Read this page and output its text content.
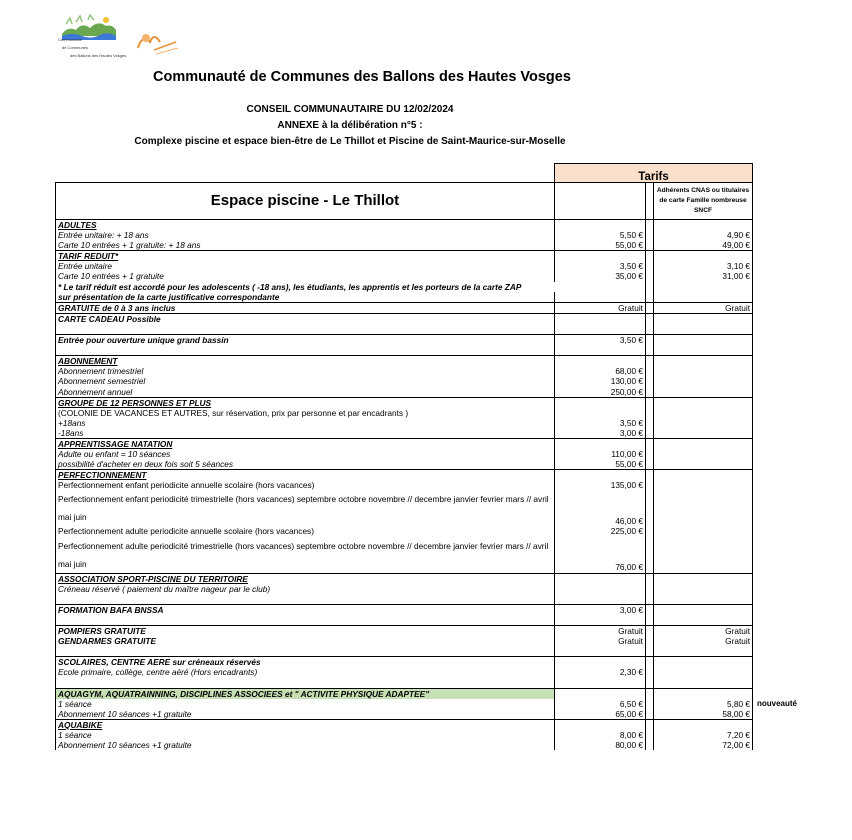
Communauté
de Communes
des Ballons des Hautes Vosges
Communauté de Communes des Ballons des Hautes Vosges
CONSEIL COMMUNAUTAIRE DU 12/02/2024
ANNEXE à la délibération n°5 :
Complexe piscine et espace bien-être de Le Thillot et Piscine de Saint-Maurice-sur-Moselle
	Tarifs		
Espace piscine - Le Thillot			Adhérents CNAS ou titulaires de carte Famille nombreuse SNCF
ADULTES			
Entrée unitaire: + 18 ans	5,50 €		4,90 €
Carte 10 entrées + 1 gratuite: + 18 ans	55,00 €		49,00 €
TARIF REDUIT*			
Entrée unitaire	3,50 €		3,10 €
Carte 10 entrées + 1 gratuite	35,00 €		31,00 €
* Le tarif réduit est accordé pour les adolescents ( -18 ans), les étudiants, les apprentis et les porteurs de la carte ZAP			
sur présentation de la carte justificative correspondante			
GRATUITE de 0 à 3 ans inclus	Gratuit		Gratuit
CARTE CADEAU Possible			

Entrée pour ouverture unique grand bassin	3,50 €		

ABONNEMENT			
Abonnement trimestriel	68,00 €		
Abonnement semestriel	130,00 €		
Abonnement annuel	250,00 €		
GROUPE DE 12 PERSONNES ET PLUS			
(COLONIE DE VACANCES ET AUTRES, sur réservation, prix par personne et par encadrants )			
+18ans	3,50 €		
-18ans	3,00 €		
APPRENTISSAGE NATATION			
Adulte ou enfant = 10 séances	110,00 €		
possibilité d'acheter en deux fois soit 5 séances	55,00 €		
PERFECTIONNEMENT			
Perfectionnement enfant periodicite annuelle scolaire (hors vacances)	135,00 €		
Perfectionnement enfant periodicité trimestrielle (hors vacances) septembre octobre novembre // decembre janvier fevrier mars // avril mai juin	46,00 €		
Perfectionnement adulte periodicite annuelle scolaire (hors vacances)	225,00 €		
Perfectionnement adulte periodicité trimestrielle (hors vacances) septembre octobre novembre // decembre janvier fevrier mars // avril mai juin	76,00 €		
ASSOCIATION SPORT-PISCINE DU TERRITOIRE			
Créneau réservé ( paiement du maître nageur par le club)			

FORMATION BAFA BNSSA	3,00 €		

POMPIERS GRATUITE	Gratuit		Gratuit
GENDARMES GRATUITE	Gratuit		Gratuit

SCOLAIRES, CENTRE AERE sur créneaux réservés			
Ecole primaire, collège, centre aéré (Hors encadrants)	2,30 €		

AQUAGYM, AQUATRAINNING, DISCIPLINES ASSOCIEES et " ACTIVITE PHYSIQUE ADAPTEE"			
1 séance	6,50 €		5,80 €
Abonnement 10 séances +1 gratuite	65,00 €		58,00 €
AQUABIKE			
1 séance	8,00 €		7,20 €
Abonnement 10 séances +1 gratuite	80,00 €		72,00 €
nouveauté
